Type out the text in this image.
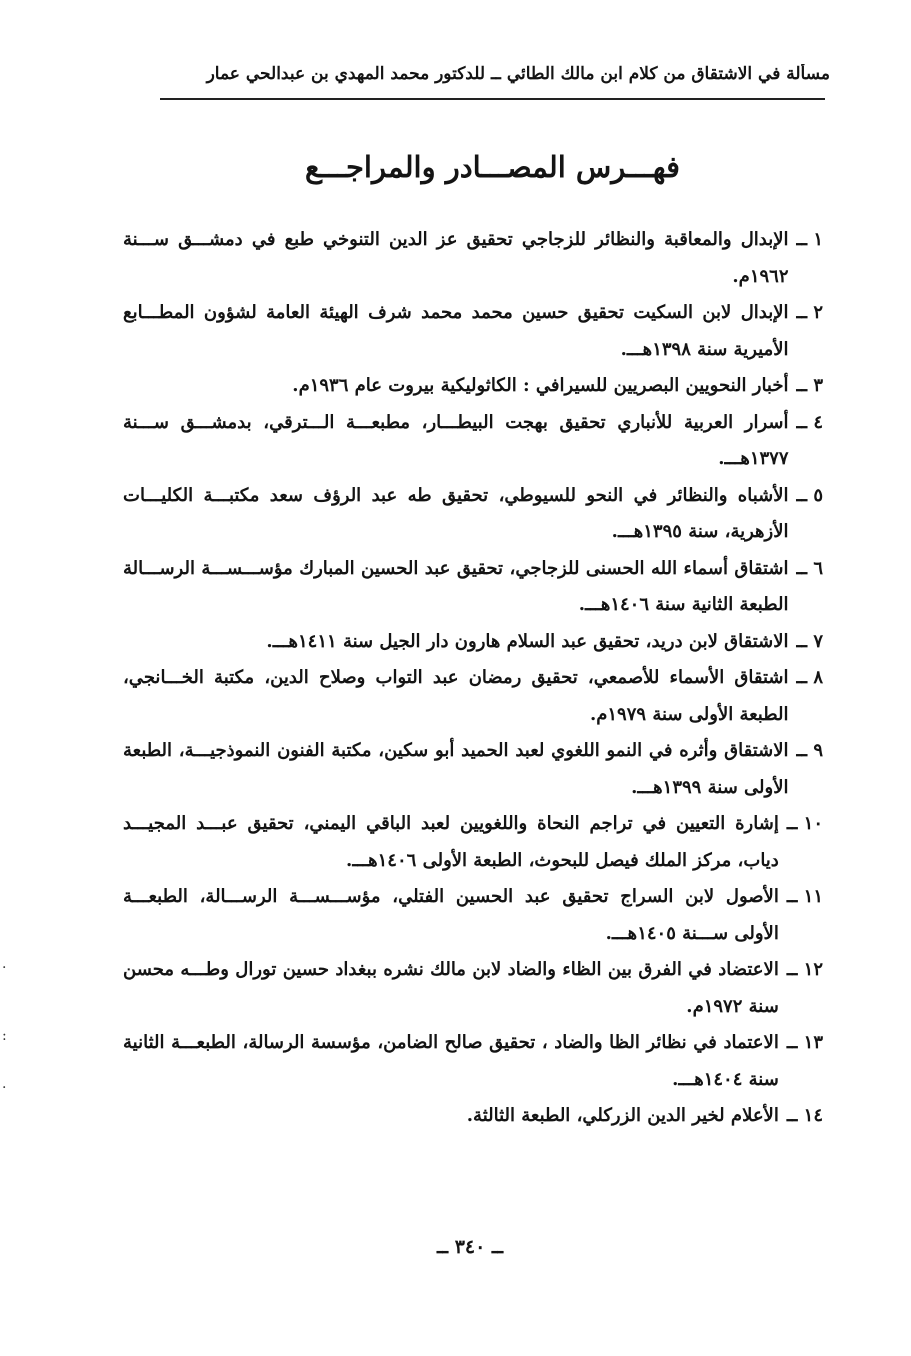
مسألة في الاشتقاق من كلام ابن مالك الطائي ــ للدكتور محمد المهدي بن عبدالحي عمار
فهـــرس المصـــادر والمراجـــع
١ ــ
الإبدال والمعاقبة والنظائر للزجاجي تحقيق عز الدين التنوخي طبع في دمشـــق ســـنة ١٩٦٢م.
٢ ــ
الإبدال لابن السكيت تحقيق حسين محمد محمد شرف الهيئة العامة لشؤون المطـــابع الأميرية سنة ١٣٩٨هـــ.
٣ ــ
أخبار النحويين البصريين للسيرافي : الكاثوليكية بيروت عام ١٩٣٦م.
٤ ــ
أسرار العربية للأنباري تحقيق بهجت البيطـــار، مطبعـــة الـــترقي، بدمشـــق ســـنة ١٣٧٧هـــ.
٥ ــ
الأشباه والنظائر في النحو للسيوطي، تحقيق طه عبد الرؤف سعد مكتبـــة الكليـــات الأزهرية، سنة ١٣٩٥هـــ.
٦ ــ
اشتقاق أسماء الله الحسنى للزجاجي، تحقيق عبد الحسين المبارك مؤســـســـة الرســـالة الطبعة الثانية سنة ١٤٠٦هـــ.
٧ ــ
الاشتقاق لابن دريد، تحقيق عبد السلام هارون دار الجيل سنة ١٤١١هـــ.
٨ ــ
اشتقاق الأسماء للأصمعي، تحقيق رمضان عبد التواب وصلاح الدين، مكتبة الخـــانجي، الطبعة الأولى سنة ١٩٧٩م.
٩ ــ
الاشتقاق وأثره في النمو اللغوي لعبد الحميد أبو سكين، مكتبة الفنون النموذجيـــة، الطبعة الأولى سنة ١٣٩٩هـــ.
١٠ ــ
إشارة التعيين في تراجم النحاة واللغويين لعبد الباقي اليمني، تحقيق عبـــد المجيـــد دياب، مركز الملك فيصل للبحوث، الطبعة الأولى ١٤٠٦هـــ.
١١ ــ
الأصول لابن السراج تحقيق عبد الحسين الفتلي، مؤســـســـة الرســـالة، الطبعـــة الأولى ســـنة ١٤٠٥هـــ.
١٢ ــ
الاعتضاد في الفرق بين الظاء والضاد لابن مالك نشره ببغداد حسين تورال وطـــه محسن سنة ١٩٧٢م.
١٣ ــ
الاعتماد في نظائر الظا والضاد ، تحقيق صالح الضامن، مؤسسة الرسالة، الطبعـــة الثانية سنة ١٤٠٤هـــ.
١٤ ــ
الأعلام لخير الدين الزركلي، الطبعة الثالثة.
ــ ٣٤٠ ــ
·
:
·
